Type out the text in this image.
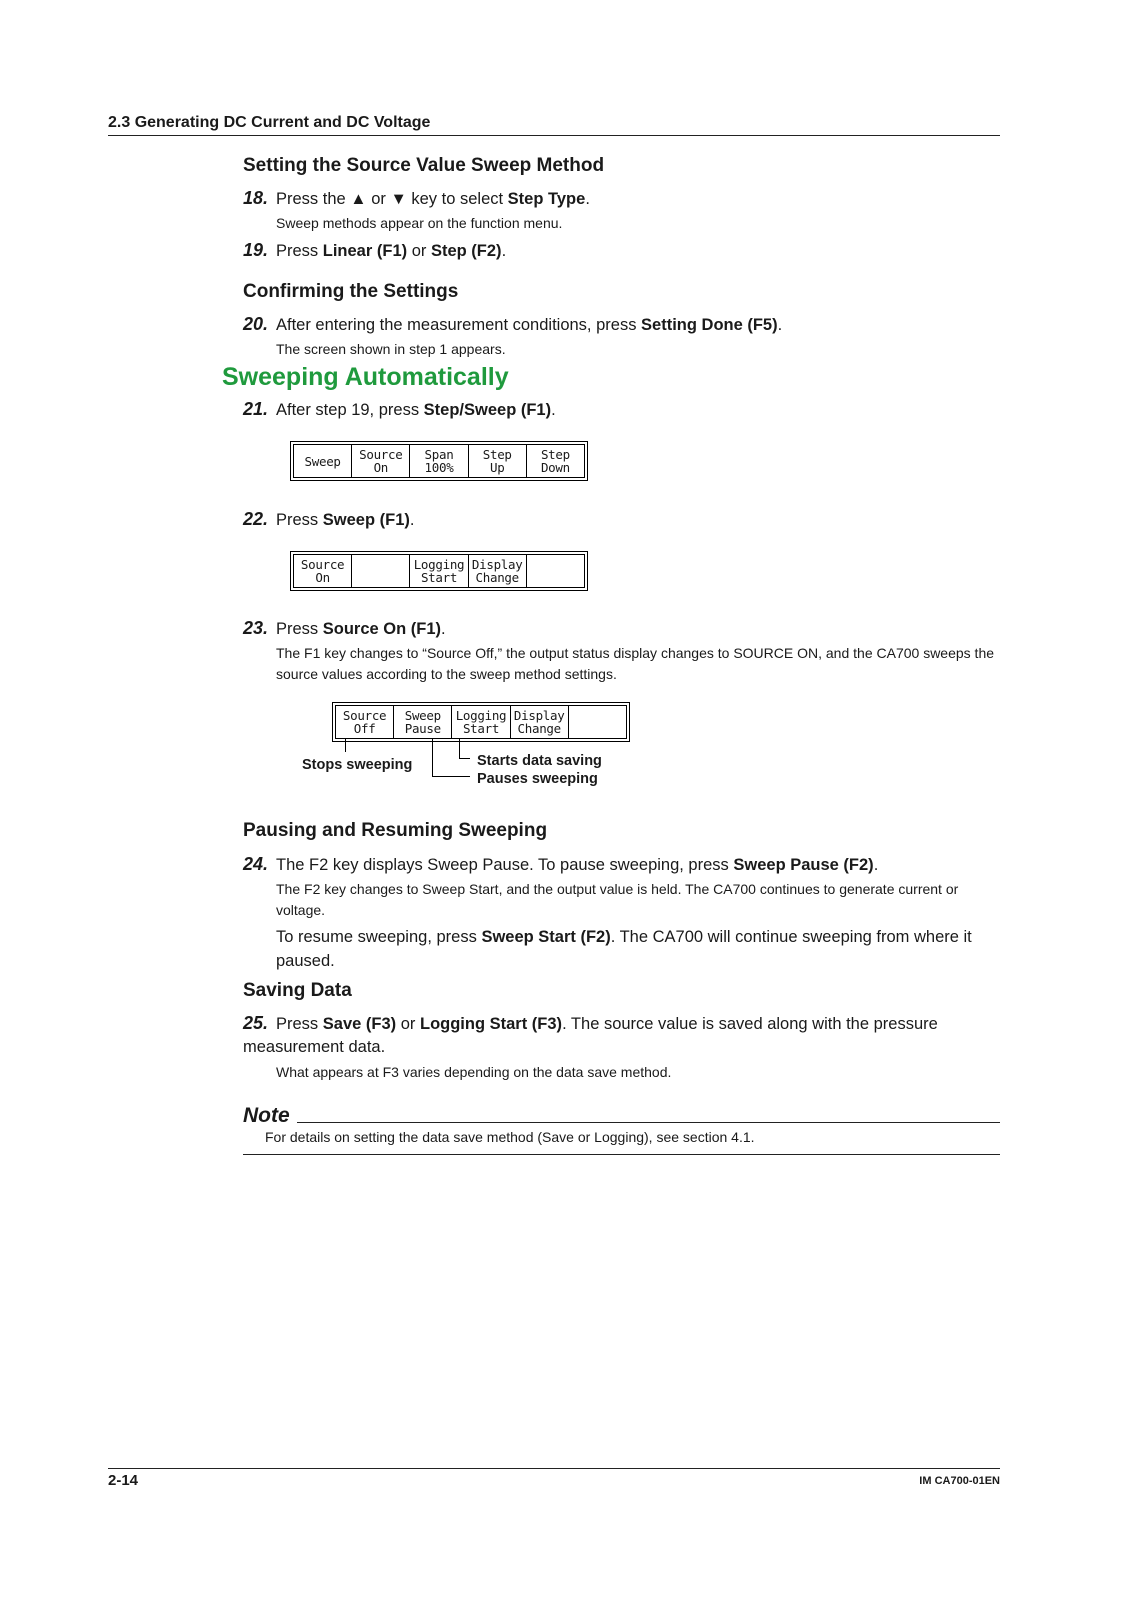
2.3 Generating DC Current and DC Voltage
Setting the Source Value Sweep Method
18. Press the ▲ or ▼ key to select Step Type.
Sweep methods appear on the function menu.
19. Press Linear (F1) or Step (F2).
Confirming the Settings
20. After entering the measurement conditions, press Setting Done (F5).
The screen shown in step 1 appears.
Sweeping Automatically
21. After step 19, press Step/Sweep (F1).
Sweep Source
On
Span
100%
Step
Up
Step
Down
22. Press Sweep (F1).
Source
On
Logging
Start
Display
Change
23. Press Source On (F1).
The F1 key changes to “Source Off,” the output status display changes to SOURCE ON, and the CA700 sweeps the source values according to the sweep method settings.
Source
Off
Sweep
Pause
Logging
Start
Display
Change
Stops sweeping	Starts data saving
Pauses sweeping
Pausing and Resuming Sweeping
24. The F2 key displays Sweep Pause. To pause sweeping, press Sweep Pause (F2).
The F2 key changes to Sweep Start, and the output value is held. The CA700 continues to generate current or voltage.
To resume sweeping, press Sweep Start (F2). The CA700 will continue sweeping from where it paused.
Saving Data
25. Press Save (F3) or Logging Start (F3). The source value is saved along with the pressure measurement data.
What appears at F3 varies depending on the data save method.
Note
For details on setting the data save method (Save or Logging), see section 4.1.
2-14	IM CA700-01EN
